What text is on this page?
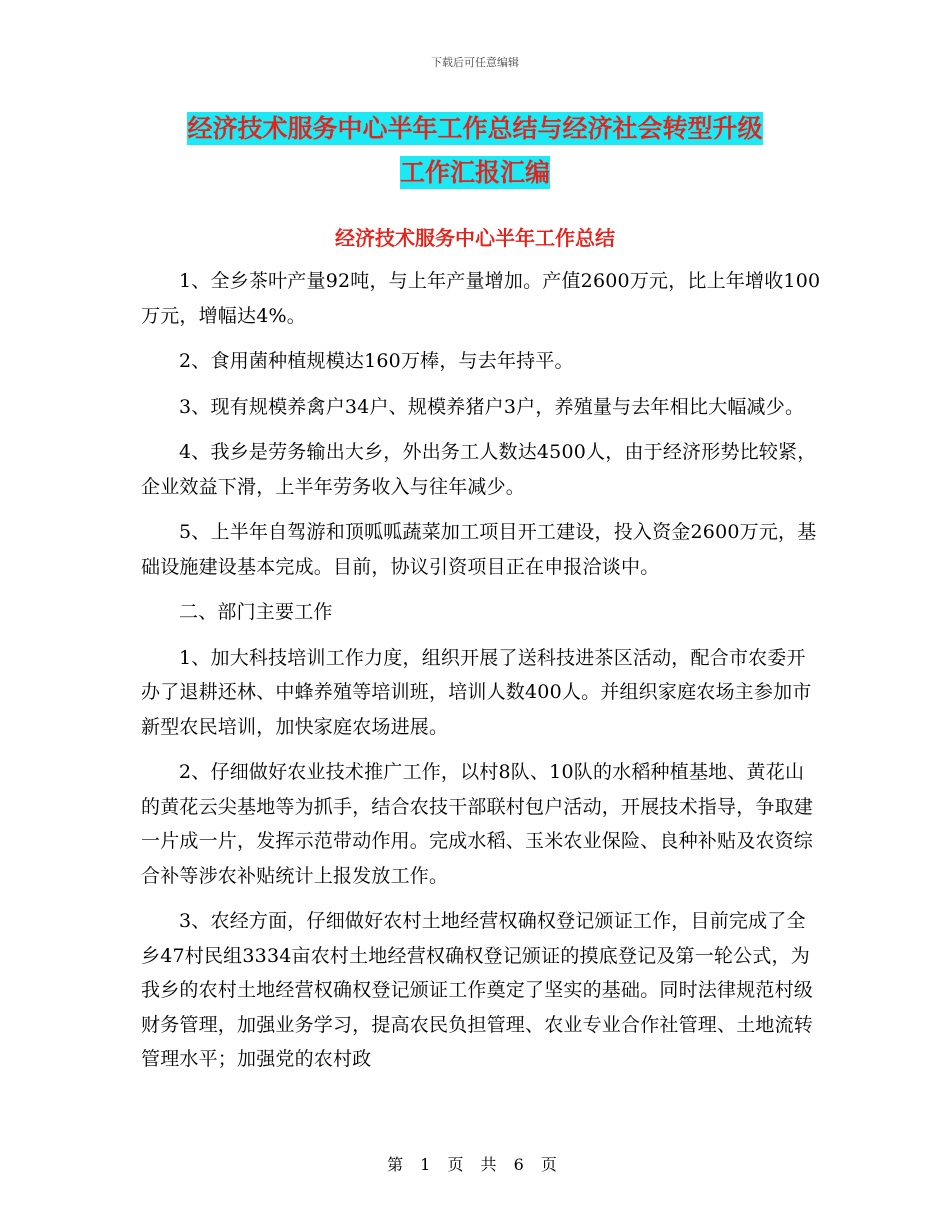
下载后可任意编辑
经济技术服务中心半年工作总结与经济社会转型升级
工作汇报汇编
经济技术服务中心半年工作总结

1、全乡茶叶产量92吨，与上年产量增加。产值2600万元，比上年增收100万元，增幅达4%。

2、食用菌种植规模达160万棒，与去年持平。

3、现有规模养禽户34户、规模养猪户3户，养殖量与去年相比大幅减少。

4、我乡是劳务输出大乡，外出务工人数达4500人，由于经济形势比较紧，企业效益下滑，上半年劳务收入与往年减少。

5、上半年自驾游和顶呱呱蔬菜加工项目开工建设，投入资金2600万元，基础设施建设基本完成。目前，协议引资项目正在申报洽谈中。

二、部门主要工作

1、加大科技培训工作力度，组织开展了送科技进茶区活动，配合市农委开办了退耕还林、中蜂养殖等培训班，培训人数400人。并组织家庭农场主参加市新型农民培训，加快家庭农场进展。

2、仔细做好农业技术推广工作，以村8队、10队的水稻种植基地、黄花山的黄花云尖基地等为抓手，结合农技干部联村包户活动，开展技术指导，争取建一片成一片，发挥示范带动作用。完成水稻、玉米农业保险、良种补贴及农资综合补等涉农补贴统计上报发放工作。

3、农经方面，仔细做好农村土地经营权确权登记颁证工作，目前完成了全乡47村民组3334亩农村土地经营权确权登记颁证的摸底登记及第一轮公式，为我乡的农村土地经营权确权登记颁证工作奠定了坚实的基础。同时法律规范村级财务管理，加强业务学习，提高农民负担管理、农业专业合作社管理、土地流转管理水平；加强党的农村政

第 1 页 共 6 页
